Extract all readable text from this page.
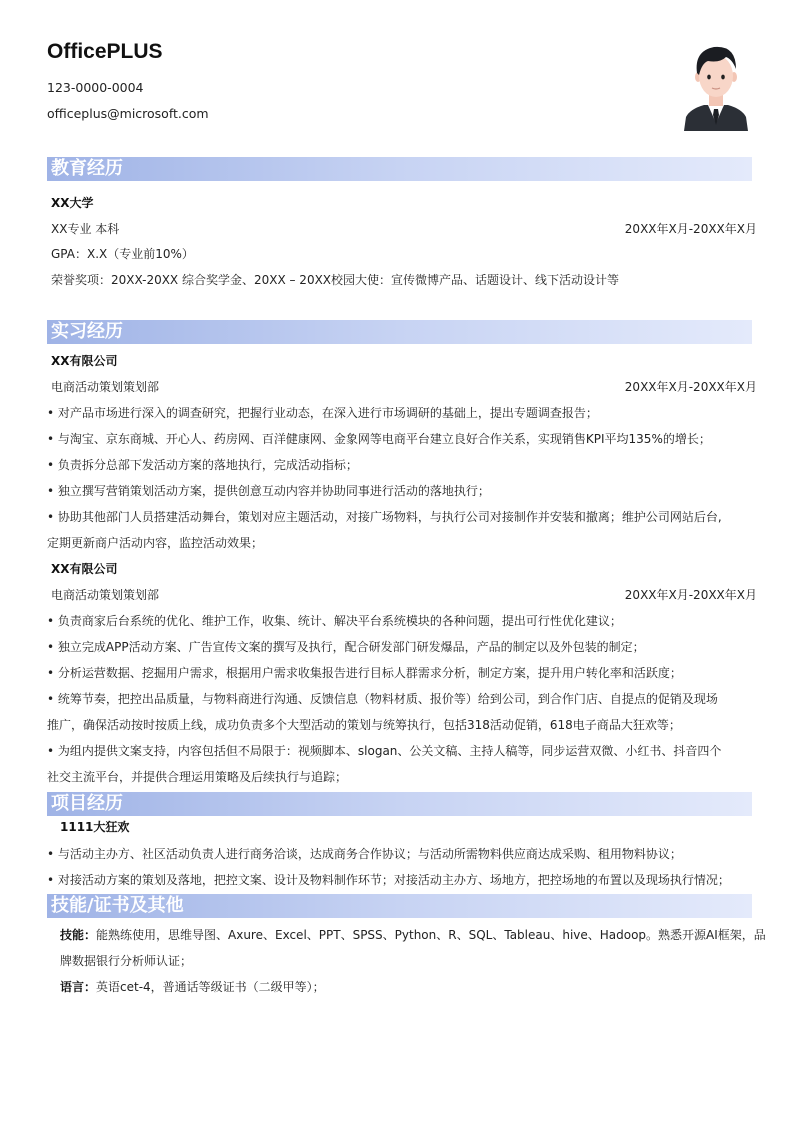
OfficePLUS
123-0000-0004
officeplus@microsoft.com
教育经历
XX大学
XX专业 本科	20XX年X月-20XX年X月
GPA：X.X（专业前10%）
荣誉奖项：20XX-20XX 综合奖学金、20XX – 20XX校园大使：宣传微博产品、话题设计、线下活动设计等
实习经历
XX有限公司
电商活动策划策划部	20XX年X月-20XX年X月
• 对产品市场进行深入的调查研究，把握行业动态，在深入进行市场调研的基础上，提出专题调查报告；
• 与淘宝、京东商城、开心人、药房网、百洋健康网、金象网等电商平台建立良好合作关系，实现销售KPI平均135%的增长；
• 负责拆分总部下发活动方案的落地执行，完成活动指标；
• 独立撰写营销策划活动方案，提供创意互动内容并协助同事进行活动的落地执行；
• 协助其他部门人员搭建活动舞台，策划对应主题活动，对接广场物料，与执行公司对接制作并安装和撤离；维护公司网站后台,
定期更新商户活动内容，监控活动效果；
XX有限公司
电商活动策划策划部	20XX年X月-20XX年X月
• 负责商家后台系统的优化、维护工作，收集、统计、解决平台系统模块的各种问题，提出可行性优化建议；
• 独立完成APP活动方案、广告宣传文案的撰写及执行，配合研发部门研发爆品，产品的制定以及外包装的制定；
• 分析运营数据、挖掘用户需求，根据用户需求收集报告进行目标人群需求分析，制定方案，提升用户转化率和活跃度；
• 统筹节奏，把控出品质量，与物料商进行沟通、反馈信息（物料材质、报价等）给到公司，到合作门店、自提点的促销及现场
推广，确保活动按时按质上线，成功负责多个大型活动的策划与统筹执行，包括318活动促销，618电子商品大狂欢等；
• 为组内提供文案支持，内容包括但不局限于：视频脚本、slogan、公关文稿、主持人稿等，同步运营双微、小红书、抖音四个
社交主流平台，并提供合理运用策略及后续执行与追踪；
项目经历
1111大狂欢
• 与活动主办方、社区活动负责人进行商务洽谈，达成商务合作协议；与活动所需物料供应商达成采购、租用物料协议；
• 对接活动方案的策划及落地，把控文案、设计及物料制作环节；对接活动主办方、场地方，把控场地的布置以及现场执行情况；
技能/证书及其他
技能：能熟练使用，思维导图、Axure、Excel、PPT、SPSS、Python、R、SQL、Tableau、hive、Hadoop。熟悉开源AI框架，品
牌数据银行分析师认证；
语言：英语cet-4，普通话等级证书（二级甲等）；
